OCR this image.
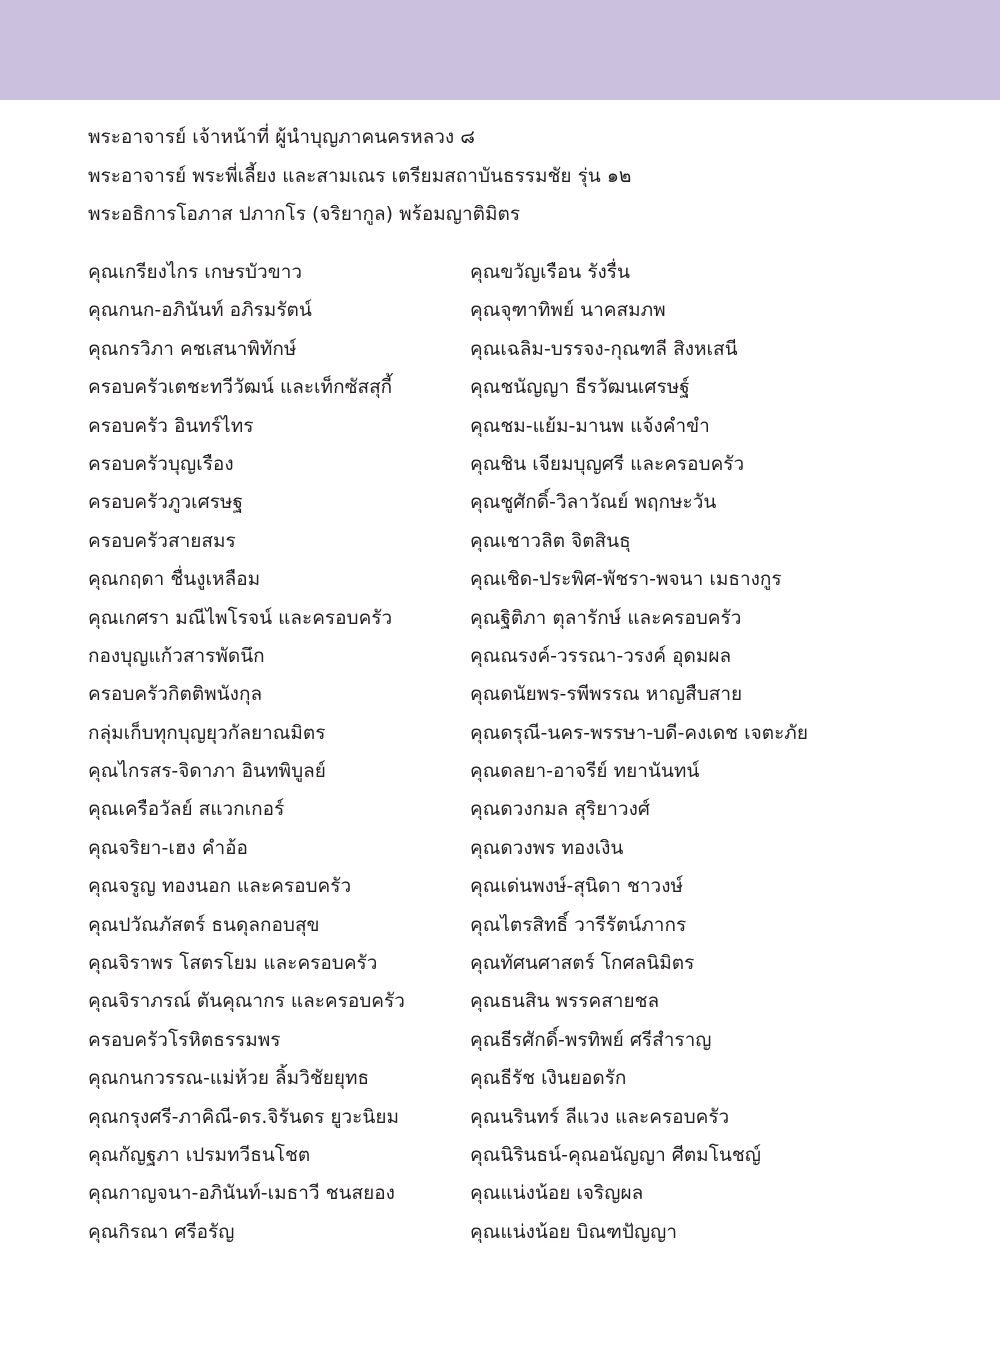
พระอาจารย์ เจ้าหน้าที่ ผู้นำบุญภาคนครหลวง ๘
พระอาจารย์ พระพี่เลี้ยง และสามเณร เตรียมสถาบันธรรมชัย รุ่น ๑๒
พระอธิการโอภาส ปภากโร (จริยากูล) พร้อมญาติมิตร
คุณเกรียงไกร เกษรบัวขาว
คุณกนก-อภินันท์ อภิรมรัตน์
คุณกรวิภา คชเสนาพิทักษ์
ครอบครัวเตชะทวีวัฒน์ และเท็กซัสสุกี้
ครอบครัว อินทร์ไทร
ครอบครัวบุญเรือง
ครอบครัวภูวเศรษฐ
ครอบครัวสายสมร
คุณกฤดา ชื่นงูเหลือม
คุณเกศรา มณีไพโรจน์ และครอบครัว
กองบุญแก้วสารพัดนึก
ครอบครัวกิตติพนังกุล
กลุ่มเก็บทุกบุญยุวกัลยาณมิตร
คุณไกรสร-จิดาภา อินทพิบูลย์
คุณเครือวัลย์ สแวกเกอร์
คุณจริยา-เฮง คำอ้อ
คุณจรูญ ทองนอก และครอบครัว
คุณปวัณภัสตร์ ธนดุลกอบสุข
คุณจิราพร โสตรโยม และครอบครัว
คุณจิราภรณ์ ตันคุณากร และครอบครัว
ครอบครัวโรหิตธรรมพร
คุณกนกวรรณ-แม่ห้วย ลิ้มวิชัยยุทธ
คุณกรุงศรี-ภาคิณี-ดร.จิรันดร ยูวะนิยม
คุณกัญฐภา เปรมทวีธนโชต
คุณกาญจนา-อภินันท์-เมธาวี ชนสยอง
คุณกิรณา ศรีอรัญ
คุณขวัญเรือน รังรื่น
คุณจุฑาทิพย์ นาคสมภพ
คุณเฉลิม-บรรจง-กุณฑลี สิงหเสนี
คุณชนัญญา ธีรวัฒนเศรษฐ์
คุณชม-แย้ม-มานพ แจ้งคำขำ
คุณชิน เจียมบุญศรี และครอบครัว
คุณชูศักดิ์-วิลาวัณย์ พฤกษะวัน
คุณเชาวลิต จิตสินธุ
คุณเชิด-ประพิศ-พัชรา-พจนา เมธางกูร
คุณฐิติภา ตุลารักษ์ และครอบครัว
คุณณรงค์-วรรณา-วรงค์ อุดมผล
คุณดนัยพร-รพีพรรณ หาญสืบสาย
คุณดรุณี-นคร-พรรษา-บดี-คงเดช เจตะภัย
คุณดลยา-อาจรีย์ ทยานันทน์
คุณดวงกมล สุริยาวงศ์
คุณดวงพร ทองเงิน
คุณเด่นพงษ์-สุนิดา ชาวงษ์
คุณไตรสิทธิ์ วารีรัตน์ภากร
คุณทัศนศาสตร์ โกศลนิมิตร
คุณธนสิน พรรคสายชล
คุณธีรศักดิ์-พรทิพย์ ศรีสำราญ
คุณธีรัช เงินยอดรัก
คุณนรินทร์ ลีแวง และครอบครัว
คุณนิรินธน์-คุณอนัญญา ศีตมโนชญ์
คุณแน่งน้อย เจริญผล
คุณแน่งน้อย บิณฑปัญญา
